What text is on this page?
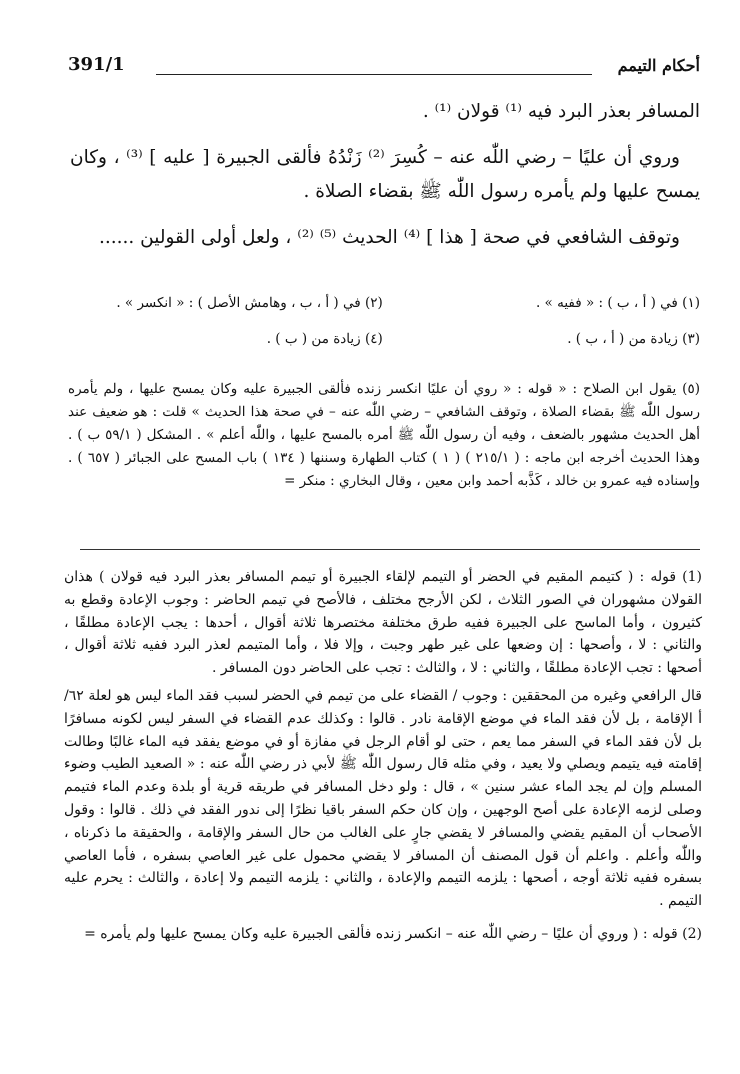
أحكام التيمم
391/1

المسافر بعذر البرد فيه ⁽¹⁾ قولان ⁽¹⁾ .

وروي أن عليًا – رضي اللّٰه عنه – كُسِرَ ⁽²⁾ زَنْدُهُ فألقى الجبيرة [ عليه ] ⁽³⁾ ، وكان يمسح عليها ولم يأمره رسول اللّٰه ﷺ بقضاء الصلاة .

وتوقف الشافعي في صحة [ هذا ] ⁽⁴⁾ الحديث ⁽⁵⁾ ⁽²⁾ ، ولعل أولى القولين ......

(١) في ( أ ، ب ) : « ففيه » .
(٢) في ( أ ، ب ، وهامش الأصل ) : « انكسر » .
(٣) زيادة من ( أ ، ب ) .
(٤) زيادة من ( ب ) .
(٥) يقول ابن الصلاح : « قوله : « روي أن عليًا انكسر زنده فألقى الجبيرة عليه وكان يمسح عليها ، ولم يأمره رسول اللّٰه ﷺ بقضاء الصلاة ، وتوقف الشافعي – رضي اللّٰه عنه – في صحة هذا الحديث » قلت : هو ضعيف عند أهل الحديث مشهور بالضعف ، وفيه أن رسول اللّٰه ﷺ أمره بالمسح عليها ، واللّٰه أعلم » . المشكل ( ٥٩/١ ب ) . وهذا الحديث أخرجه ابن ماجه : ( ٢١٥/١ ) ( ١ ) كتاب الطهارة وسننها ( ١٣٤ ) باب المسح على الجبائر ( ٦٥٧ ) . وإسناده فيه عمرو بن خالد ، كَذَّبه أحمد وابن معين ، وقال البخاري : منكر =

(1) قوله : ( كتيمم المقيم في الحضر أو التيمم لإلقاء الجبيرة أو تيمم المسافر بعذر البرد فيه قولان ) هذان القولان مشهوران في الصور الثلاث ، لكن الأرجح مختلف ، فالأصح في تيمم الحاضر : وجوب الإعادة وقطع به كثيرون ، وأما الماسح على الجبيرة ففيه طرق مختلفة مختصرها ثلاثة أقوال ، أحدها : يجب الإعادة مطلقًا ، والثاني : لا ، وأصحها : إن وضعها على غير طهر وجبت ، وإلا فلا ، وأما المتيمم لعذر البرد ففيه ثلاثة أقوال ، أصحها : تجب الإعادة مطلقًا ، والثاني : لا ، والثالث : تجب على الحاضر دون المسافر .

قال الرافعي وغيره من المحققين : وجوب / القضاء على من تيمم في الحضر لسبب فقد الماء ليس هو لعلة ٦٢/أ الإقامة ، بل لأن فقد الماء في موضع الإقامة نادر . قالوا : وكذلك عدم القضاء في السفر ليس لكونه مسافرًا بل لأن فقد الماء في السفر مما يعم ، حتى لو أقام الرجل في مفازة أو في موضع يفقد فيه الماء غالبًا وطالت إقامته فيه يتيمم ويصلي ولا يعيد ، وفي مثله قال رسول اللّٰه ﷺ لأبي ذر رضي اللّٰه عنه : « الصعيد الطيب وضوء المسلم وإن لم يجد الماء عشر سنين » ، قال : ولو دخل المسافر في طريقه قرية أو بلدة وعدم الماء فتيمم وصلى لزمه الإعادة على أصح الوجهين ، وإن كان حكم السفر باقيا نظرًا إلى ندور الفقد في ذلك . قالوا : وقول الأصحاب أن المقيم يقضي والمسافر لا يقضي جارٍ على الغالب من حال السفر والإقامة ، والحقيقة ما ذكرناه ، واللّٰه وأعلم . واعلم أن قول المصنف أن المسافر لا يقضي محمول على غير العاصي بسفره ، فأما العاصي بسفره ففيه ثلاثة أوجه ، أصحها : يلزمه التيمم والإعادة ، والثاني : يلزمه التيمم ولا إعادة ، والثالث : يحرم عليه التيمم .

(2) قوله : ( وروي أن عليًا – رضي اللّٰه عنه – انكسر زنده فألقى الجبيرة عليه وكان يمسح عليها ولم يأمره =
